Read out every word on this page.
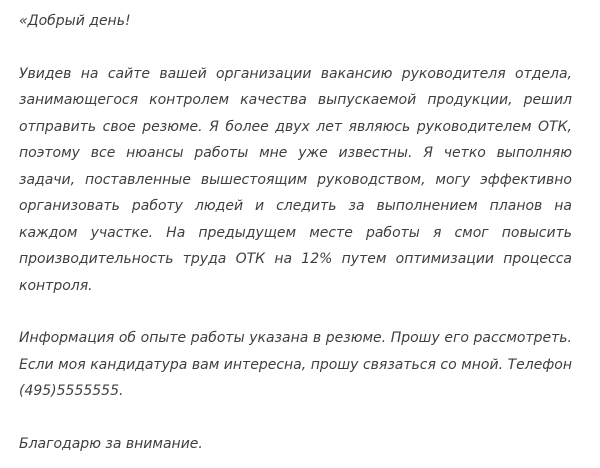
«Добрый день!

Увидев на сайте вашей организации вакансию руководителя отдела, занимающегося контролем качества выпускаемой продукции, решил отправить свое резюме. Я более двух лет являюсь руководителем ОТК, поэтому все нюансы работы мне уже известны. Я четко выполняю задачи, поставленные вышестоящим руководством, могу эффективно организовать работу людей и следить за выполнением планов на каждом участке. На предыдущем месте работы я смог повысить производительность труда ОТК на 12% путем оптимизации процесса контроля.

Информация об опыте работы указана в резюме. Прошу его рассмотреть. Если моя кандидатура вам интересна, прошу связаться со мной. Телефон (495)5555555.

Благодарю за внимание.
